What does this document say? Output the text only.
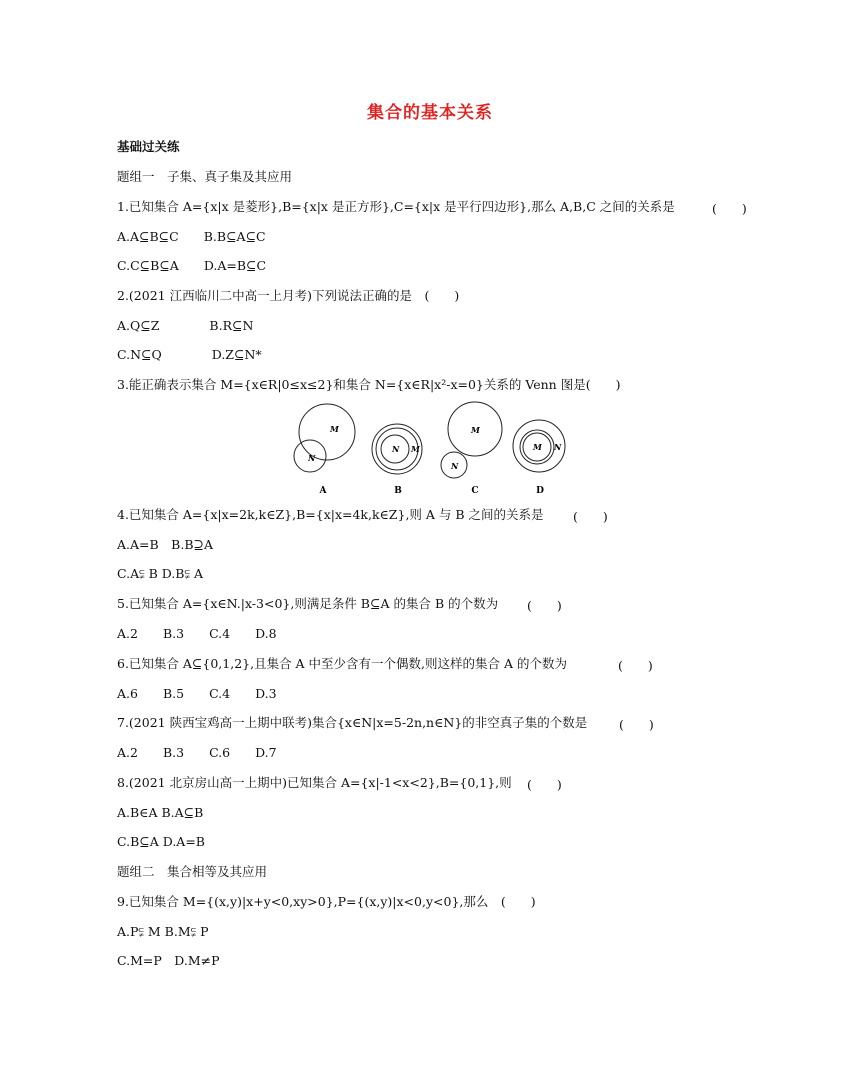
集合的基本关系
基础过关练
题组一　子集、真子集及其应用
1.已知集合 A={x|x 是菱形},B={x|x 是正方形},C={x|x 是平行四边形},那么 A,B,C 之间的关系是	(　　)
A.A⊆B⊆C　　B.B⊆A⊆C
C.C⊆B⊆A　　D.A=B⊆C
2.(2021 江西临川二中高一上月考)下列说法正确的是　(　　)
A.Q⊆Z　　　　B.R⊆N
C.N⊆Q　　　　D.Z⊆N*
3.能正确表示集合 M={x∈R|0≤x≤2}和集合 N={x∈R|x²-x=0}关系的 Venn 图是(　　)
M
N
A
N M
B
M
N
C
M N
D
4.已知集合 A={x|x=2k,k∈Z},B={x|x=4k,k∈Z},则 A 与 B 之间的关系是 (　　)
A.A=B　B.B⊇A
C.A⫋ B D.B⫋ A
5.已知集合 A={x∈N.|x-3<0},则满足条件 B⊆A 的集合 B 的个数为 (　　)
A.2　　B.3　　C.4　　D.8
6.已知集合 A⊆{0,1,2},且集合 A 中至少含有一个偶数,则这样的集合 A 的个数为	(　　)
A.6　　B.5　　C.4　　D.3
7.(2021 陕西宝鸡高一上期中联考)集合{x∈N|x=5-2n,n∈N}的非空真子集的个数是	(　　)
A.2　　B.3　　C.6　　D.7
8.(2021 北京房山高一上期中)已知集合 A={x|-1<x<2},B={0,1},则 (　　)
A.B∈A B.A⊆B
C.B⊆A D.A=B
题组二　集合相等及其应用
9.已知集合 M={(x,y)|x+y<0,xy>0},P={(x,y)|x<0,y<0},那么　(　　)
A.P⫋ M B.M⫋ P
C.M=P　D.M≠P
